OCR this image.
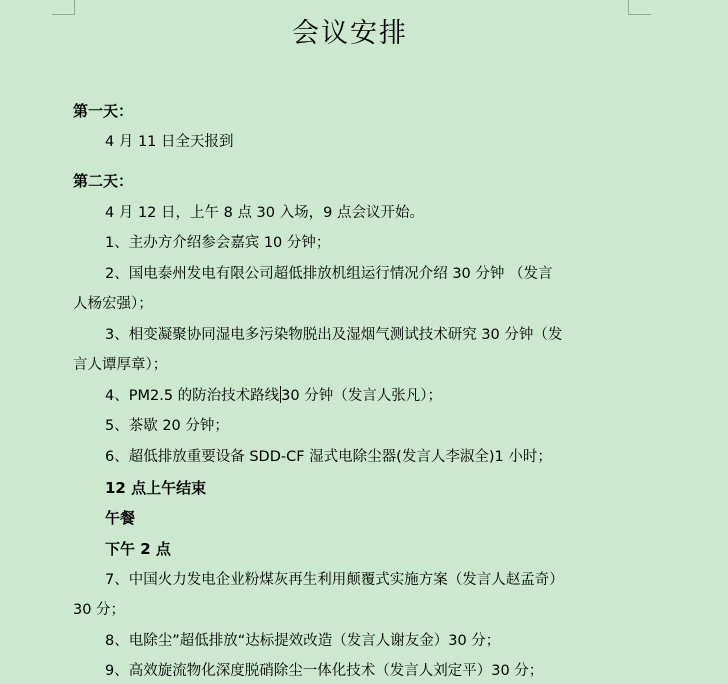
会议安排
第一天：
4 月 11 日全天报到
第二天：
4 月 12 日，上午 8 点 30 入场，9 点会议开始。
1、主办方介绍参会嘉宾 10 分钟；
2、国电泰州发电有限公司超低排放机组运行情况介绍 30 分钟 （发言
人杨宏强）；
3、相变凝聚协同湿电多污染物脱出及湿烟气测试技术研究 30 分钟（发
言人谭厚章）；
4、PM2.5 的防治技术路线 30 分钟（发言人张凡）；
5、茶歇 20 分钟；
6、超低排放重要设备 SDD-CF 湿式电除尘器(发言人李淑全)1 小时；
12 点上午结束
午餐
下午 2 点
7、中国火力发电企业粉煤灰再生利用颠覆式实施方案（发言人赵孟奇）
30 分；
8、电除尘”超低排放“达标提效改造（发言人谢友金）30 分；
9、高效旋流物化深度脱硝除尘一体化技术（发言人刘定平）30 分；
